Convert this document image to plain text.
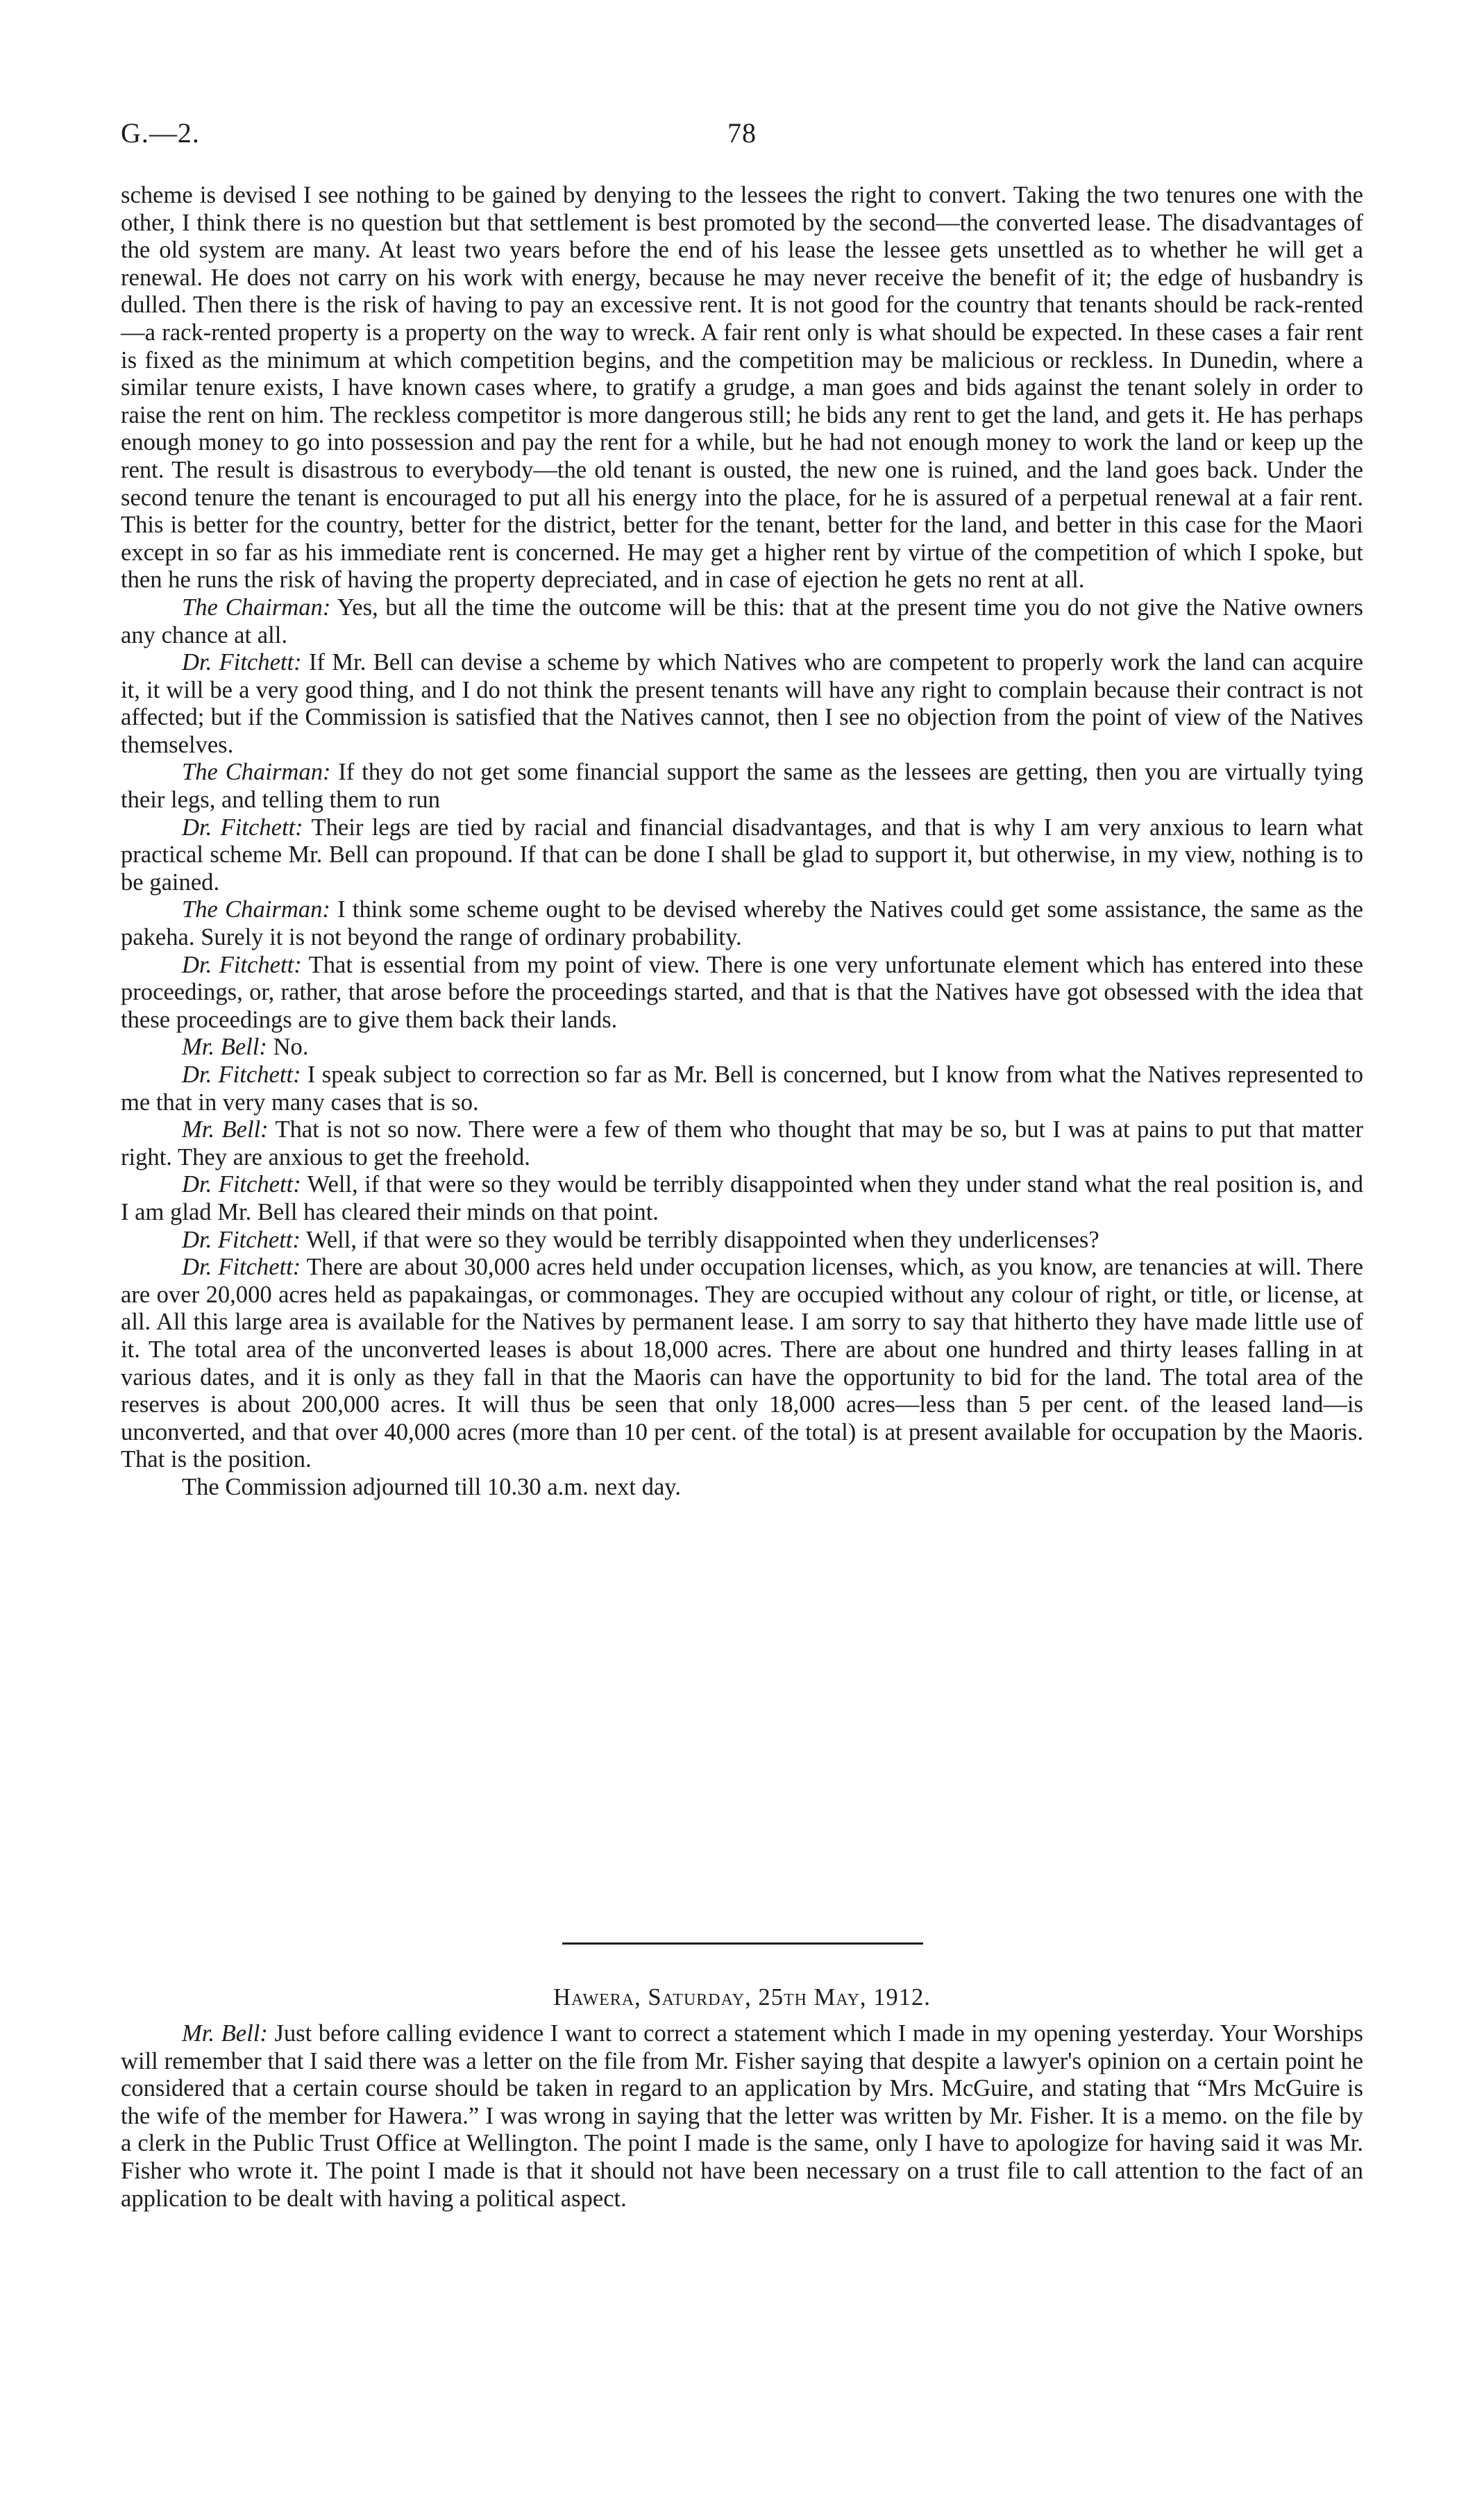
G.—2.	78

scheme is devised I see nothing to be gained by denying to the lessees the right to convert. Taking the two tenures one with the other, I think there is no question but that settlement is best promoted by the second—the converted lease. The disadvantages of the old system are many. At least two years before the end of his lease the lessee gets unsettled as to whether he will get a renewal. He does not carry on his work with energy, because he may never receive the benefit of it; the edge of husbandry is dulled. Then there is the risk of having to pay an excessive rent. It is not good for the country that tenants should be rack-rented—a rack-rented property is a property on the way to wreck. A fair rent only is what should be expected. In these cases a fair rent is fixed as the minimum at which competition begins, and the competition may be malicious or reckless. In Dunedin, where a similar tenure exists, I have known cases where, to gratify a grudge, a man goes and bids against the tenant solely in order to raise the rent on him. The reckless competitor is more dangerous still; he bids any rent to get the land, and gets it. He has perhaps enough money to go into possession and pay the rent for a while, but he had not enough money to work the land or keep up the rent. The result is disastrous to everybody—the old tenant is ousted, the new one is ruined, and the land goes back. Under the second tenure the tenant is encouraged to put all his energy into the place, for he is assured of a perpetual renewal at a fair rent. This is better for the country, better for the district, better for the tenant, better for the land, and better in this case for the Maori except in so far as his immediate rent is concerned. He may get a higher rent by virtue of the competition of which I spoke, but then he runs the risk of having the property depreciated, and in case of ejection he gets no rent at all.

The Chairman: Yes, but all the time the outcome will be this: that at the present time you do not give the Native owners any chance at all.

Dr. Fitchett: If Mr. Bell can devise a scheme by which Natives who are competent to properly work the land can acquire it, it will be a very good thing, and I do not think the present tenants will have any right to complain because their contract is not affected; but if the Commission is satisfied that the Natives cannot, then I see no objection from the point of view of the Natives themselves.

The Chairman: If they do not get some financial support the same as the lessees are getting, then you are virtually tying their legs, and telling them to run

Dr. Fitchett: Their legs are tied by racial and financial disadvantages, and that is why I am very anxious to learn what practical scheme Mr. Bell can propound. If that can be done I shall be glad to support it, but otherwise, in my view, nothing is to be gained.

The Chairman: I think some scheme ought to be devised whereby the Natives could get some assistance, the same as the pakeha. Surely it is not beyond the range of ordinary probability.

Dr. Fitchett: That is essential from my point of view. There is one very unfortunate element which has entered into these proceedings, or, rather, that arose before the proceedings started, and that is that the Natives have got obsessed with the idea that these proceedings are to give them back their lands.

Mr. Bell: No.

Dr. Fitchett: I speak subject to correction so far as Mr. Bell is concerned, but I know from what the Natives represented to me that in very many cases that is so.

Mr. Bell: That is not so now. There were a few of them who thought that may be so, but I was at pains to put that matter right. They are anxious to get the freehold.

Dr. Fitchett: Well, if that were so they would be terribly disappointed when they under stand what the real position is, and I am glad Mr. Bell has cleared their minds on that point.

Dr. Fitchett: Well, if that were so they would be terribly disappointed when they underlicenses?

Dr. Fitchett: There are about 30,000 acres held under occupation licenses, which, as you know, are tenancies at will. There are over 20,000 acres held as papakaingas, or commonages. They are occupied without any colour of right, or title, or license, at all. All this large area is available for the Natives by permanent lease. I am sorry to say that hitherto they have made little use of it. The total area of the unconverted leases is about 18,000 acres. There are about one hundred and thirty leases falling in at various dates, and it is only as they fall in that the Maoris can have the opportunity to bid for the land. The total area of the reserves is about 200,000 acres. It will thus be seen that only 18,000 acres—less than 5 per cent. of the leased land—is unconverted, and that over 40,000 acres (more than 10 per cent. of the total) is at present available for occupation by the Maoris. That is the position.

The Commission adjourned till 10.30 a.m. next day.

Hawera, Saturday, 25th May, 1912.

Mr. Bell: Just before calling evidence I want to correct a statement which I made in my opening yesterday. Your Worships will remember that I said there was a letter on the file from Mr. Fisher saying that despite a lawyer's opinion on a certain point he considered that a certain course should be taken in regard to an application by Mrs. McGuire, and stating that “Mrs McGuire is the wife of the member for Hawera.” I was wrong in saying that the letter was written by Mr. Fisher. It is a memo. on the file by a clerk in the Public Trust Office at Wellington. The point I made is the same, only I have to apologize for having said it was Mr. Fisher who wrote it. The point I made is that it should not have been necessary on a trust file to call attention to the fact of an application to be dealt with having a political aspect.
